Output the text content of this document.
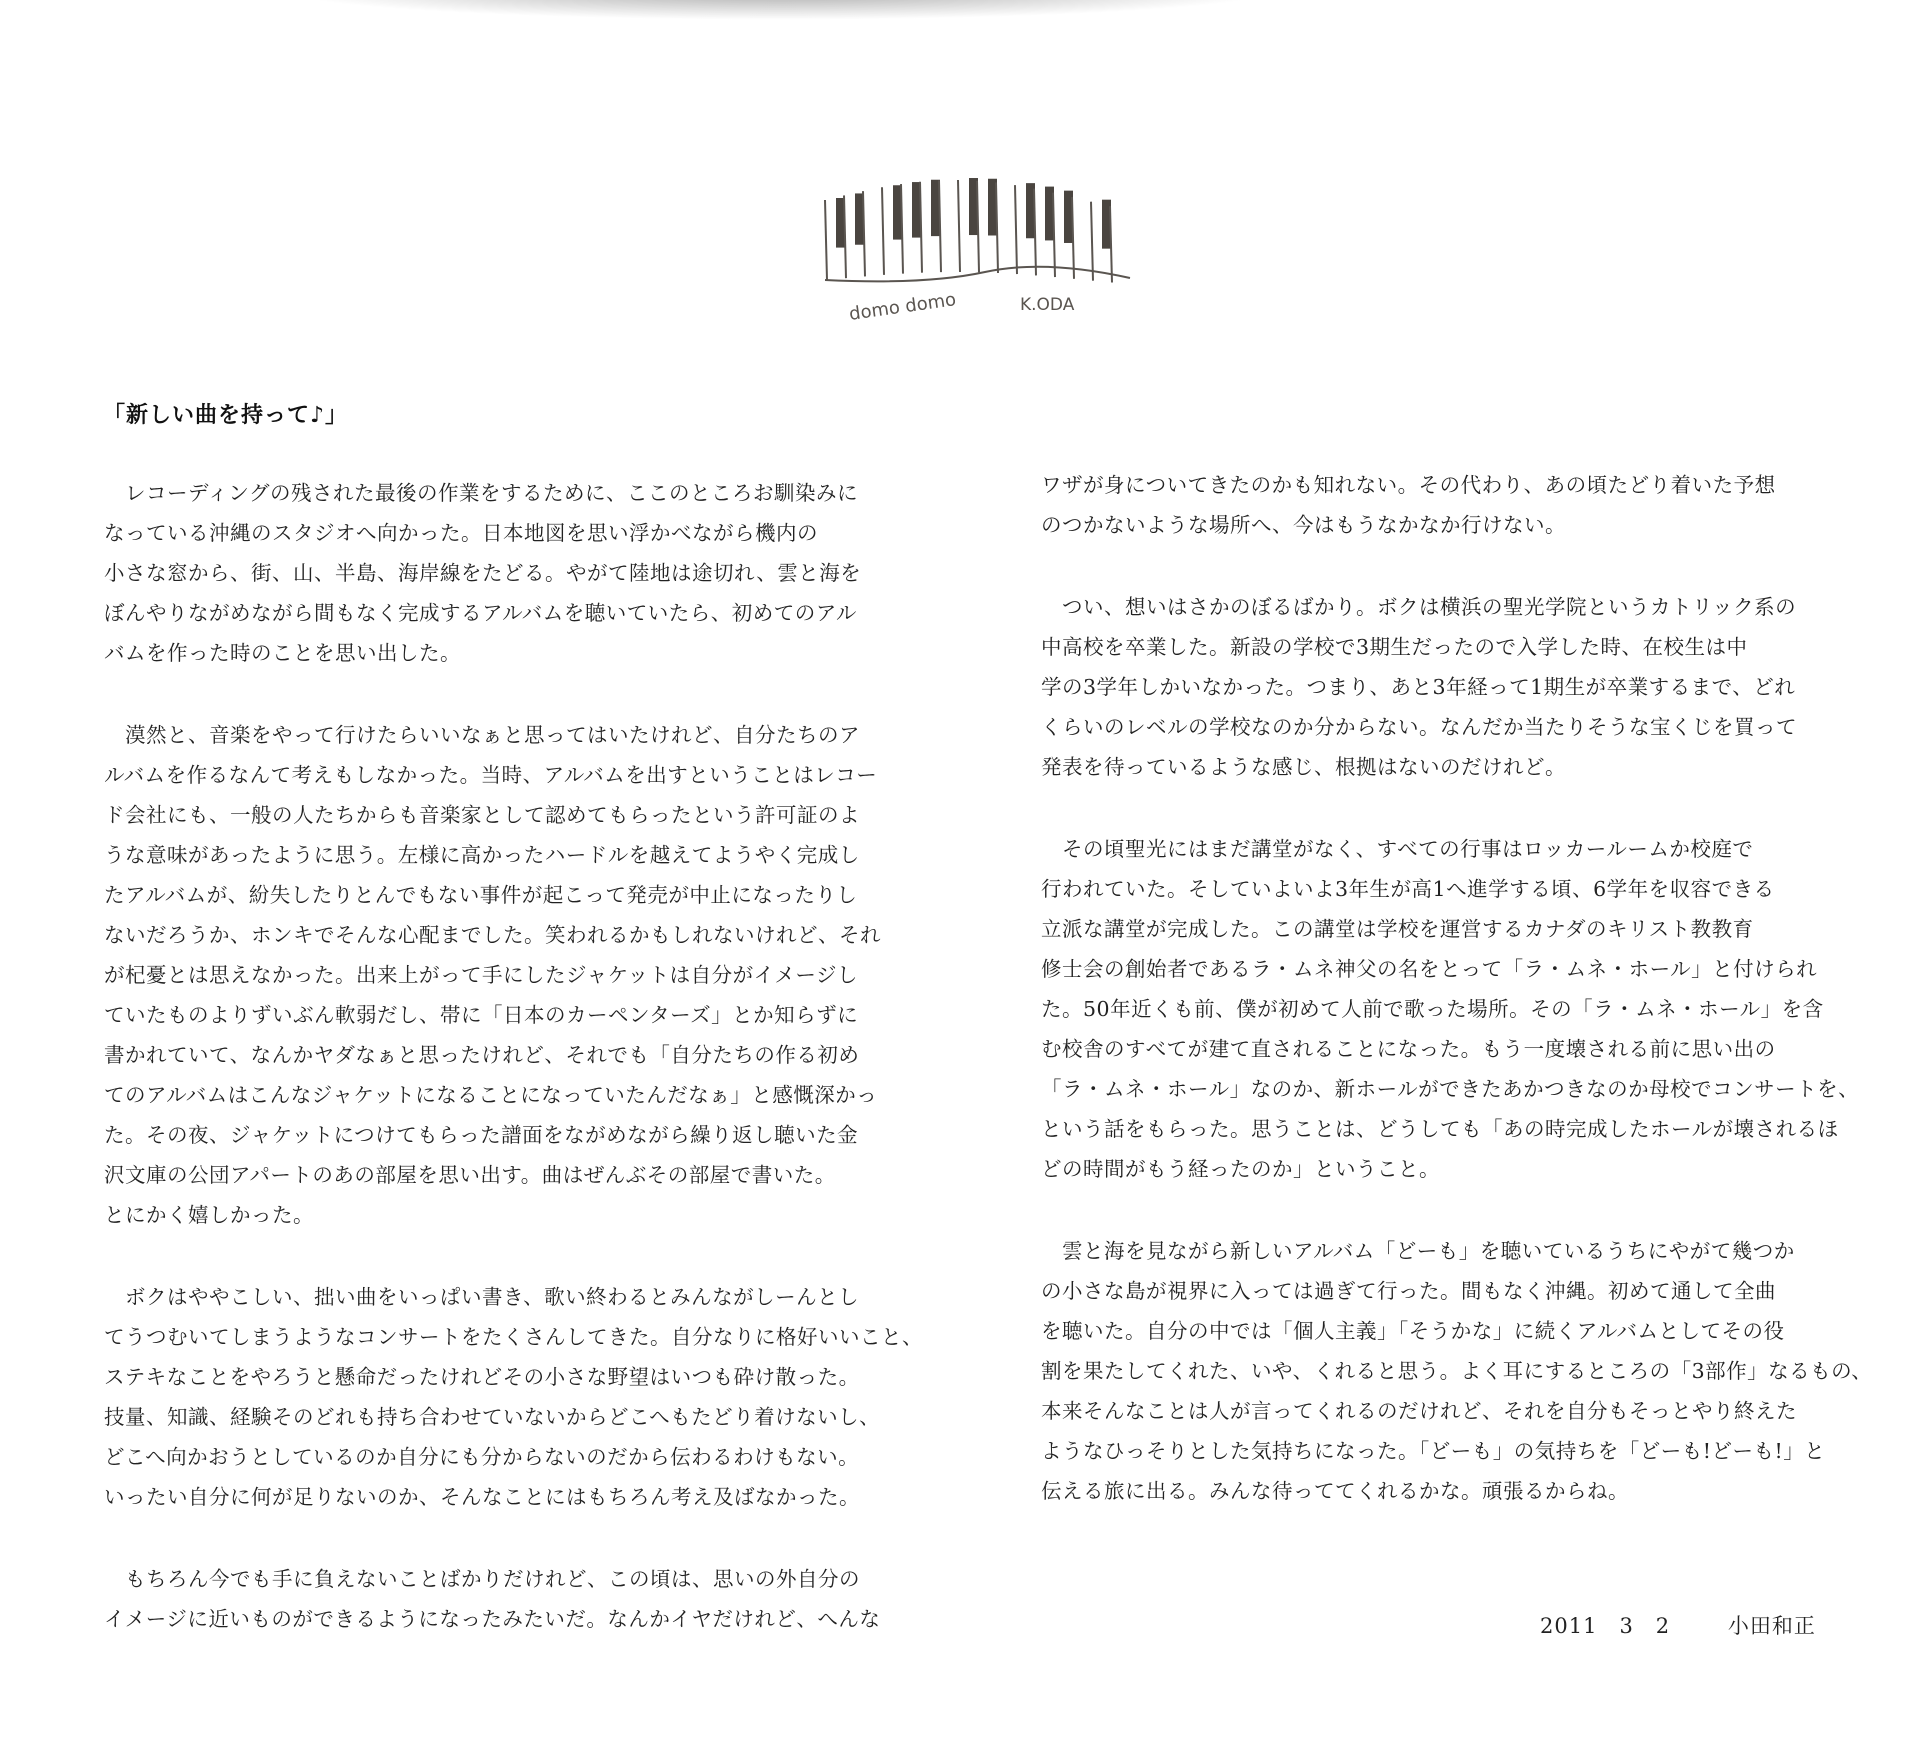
domo domo	K.ODA
「新しい曲を持って♪」
　レコーディングの残された最後の作業をするために、ここのところお馴染みに
なっている沖縄のスタジオへ向かった。日本地図を思い浮かべながら機内の
小さな窓から、街、山、半島、海岸線をたどる。やがて陸地は途切れ、雲と海を
ぼんやりながめながら間もなく完成するアルバムを聴いていたら、初めてのアル
バムを作った時のことを思い出した。
　漠然と、音楽をやって行けたらいいなぁと思ってはいたけれど、自分たちのア
ルバムを作るなんて考えもしなかった。当時、アルバムを出すということはレコー
ド会社にも、一般の人たちからも音楽家として認めてもらったという許可証のよ
うな意味があったように思う。左様に高かったハードルを越えてようやく完成し
たアルバムが、紛失したりとんでもない事件が起こって発売が中止になったりし
ないだろうか、ホンキでそんな心配までした。笑われるかもしれないけれど、それ
が杞憂とは思えなかった。出来上がって手にしたジャケットは自分がイメージし
ていたものよりずいぶん軟弱だし、帯に「日本のカーペンターズ」とか知らずに
書かれていて、なんかヤダなぁと思ったけれど、それでも「自分たちの作る初め
てのアルバムはこんなジャケットになることになっていたんだなぁ」と感慨深かっ
た。その夜、ジャケットにつけてもらった譜面をながめながら繰り返し聴いた金
沢文庫の公団アパートのあの部屋を思い出す。曲はぜんぶその部屋で書いた。
とにかく嬉しかった。
　ボクはややこしい、拙い曲をいっぱい書き、歌い終わるとみんながしーんとし
てうつむいてしまうようなコンサートをたくさんしてきた。自分なりに格好いいこと、
ステキなことをやろうと懸命だったけれどその小さな野望はいつも砕け散った。
技量、知識、経験そのどれも持ち合わせていないからどこへもたどり着けないし、
どこへ向かおうとしているのか自分にも分からないのだから伝わるわけもない。
いったい自分に何が足りないのか、そんなことにはもちろん考え及ばなかった。
　もちろん今でも手に負えないことばかりだけれど、この頃は、思いの外自分の
イメージに近いものができるようになったみたいだ。なんかイヤだけれど、へんな
ワザが身についてきたのかも知れない。その代わり、あの頃たどり着いた予想
のつかないような場所へ、今はもうなかなか行けない。
　つい、想いはさかのぼるばかり。ボクは横浜の聖光学院というカトリック系の
中高校を卒業した。新設の学校で3期生だったので入学した時、在校生は中
学の3学年しかいなかった。つまり、あと3年経って1期生が卒業するまで、どれ
くらいのレベルの学校なのか分からない。なんだか当たりそうな宝くじを買って
発表を待っているような感じ、根拠はないのだけれど。
　その頃聖光にはまだ講堂がなく、すべての行事はロッカールームか校庭で
行われていた。そしていよいよ3年生が高1へ進学する頃、6学年を収容できる
立派な講堂が完成した。この講堂は学校を運営するカナダのキリスト教教育
修士会の創始者であるラ・ムネ神父の名をとって「ラ・ムネ・ホール」と付けられ
た。50年近くも前、僕が初めて人前で歌った場所。その「ラ・ムネ・ホール」を含
む校舎のすべてが建て直されることになった。もう一度壊される前に思い出の
「ラ・ムネ・ホール」なのか、新ホールができたあかつきなのか母校でコンサートを、
という話をもらった。思うことは、どうしても「あの時完成したホールが壊されるほ
どの時間がもう経ったのか」ということ。
　雲と海を見ながら新しいアルバム「どーも」を聴いているうちにやがて幾つか
の小さな島が視界に入っては過ぎて行った。間もなく沖縄。初めて通して全曲
を聴いた。自分の中では「個人主義」「そうかな」に続くアルバムとしてその役
割を果たしてくれた、いや、くれると思う。よく耳にするところの「3部作」なるもの、
本来そんなことは人が言ってくれるのだけれど、それを自分もそっとやり終えた
ようなひっそりとした気持ちになった。「どーも」の気持ちを「どーも!どーも!」と
伝える旅に出る。みんな待っててくれるかな。頑張るからね。
2011　3　2	小田和正
